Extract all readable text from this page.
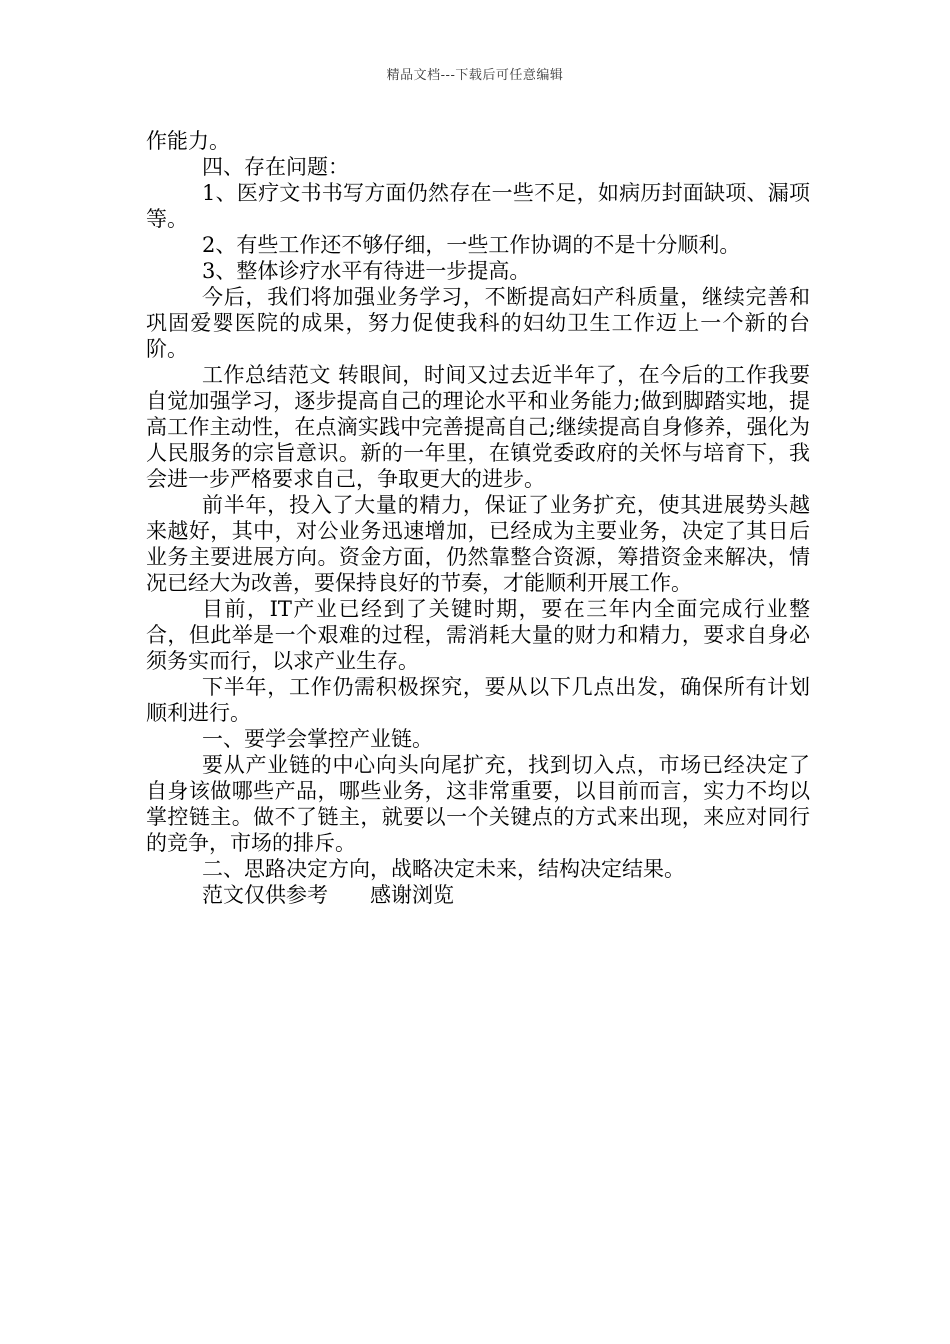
精品文档---下载后可任意编辑

作能力。

四、存在问题：

1、医疗文书书写方面仍然存在一些不足，如病历封面缺项、漏项等。

2、有些工作还不够仔细，一些工作协调的不是十分顺利。

3、整体诊疗水平有待进一步提高。

今后，我们将加强业务学习，不断提高妇产科质量，继续完善和巩固爱婴医院的成果，努力促使我科的妇幼卫生工作迈上一个新的台阶。

工作总结范文 转眼间，时间又过去近半年了，在今后的工作我要自觉加强学习，逐步提高自己的理论水平和业务能力;做到脚踏实地，提高工作主动性，在点滴实践中完善提高自己;继续提高自身修养，强化为人民服务的宗旨意识。新的一年里，在镇党委政府的关怀与培育下，我会进一步严格要求自己，争取更大的进步。

前半年，投入了大量的精力，保证了业务扩充，使其进展势头越来越好，其中，对公业务迅速增加，已经成为主要业务，决定了其日后业务主要进展方向。资金方面，仍然靠整合资源，筹措资金来解决，情况已经大为改善，要保持良好的节奏，才能顺利开展工作。

目前，IT产业已经到了关键时期，要在三年内全面完成行业整合，但此举是一个艰难的过程，需消耗大量的财力和精力，要求自身必须务实而行，以求产业生存。

下半年，工作仍需积极探究，要从以下几点出发，确保所有计划顺利进行。

一、要学会掌控产业链。

要从产业链的中心向头向尾扩充，找到切入点，市场已经决定了自身该做哪些产品，哪些业务，这非常重要，以目前而言，实力不均以掌控链主。做不了链主，就要以一个关键点的方式来出现，来应对同行的竞争，市场的排斥。

二、思路决定方向，战略决定未来，结构决定结果。

范文仅供参考　　感谢浏览
